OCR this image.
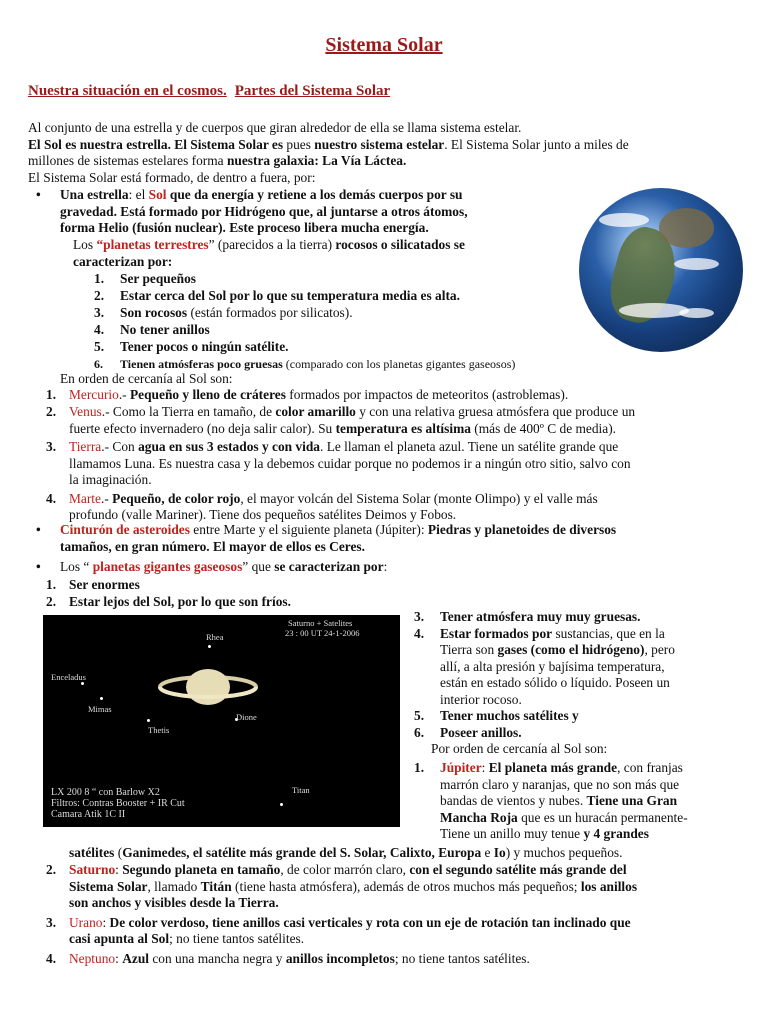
Sistema Solar
Nuestra situación en el cosmos. Partes del Sistema Solar
Al conjunto de una estrella y de cuerpos que giran alrededor de ella se llama sistema estelar.
El Sol es nuestra estrella. El Sistema Solar es pues nuestro sistema estelar. El Sistema Solar junto a miles de
millones de sistemas estelares forma nuestra galaxia: La Vía Láctea.
El Sistema Solar está formado, de dentro a fuera, por:
• Una estrella: el Sol que da energía y retiene a los demás cuerpos por su
gravedad. Está formado por Hidrógeno que, al juntarse a otros átomos,
forma Helio (fusión nuclear). Este proceso libera mucha energía.
Los “planetas terrestres” (parecidos a la tierra) rocosos o silicatados se
caracterizan por:
1. Ser pequeños
2. Estar cerca del Sol por lo que su temperatura media es alta.
3. Son rocosos (están formados por silicatos).
4. No tener anillos
5. Tener pocos o ningún satélite.
6. Tienen atmósferas poco gruesas (comparado con los planetas gigantes gaseosos)
En orden de cercanía al Sol son:
1. Mercurio.- Pequeño y lleno de cráteres formados por impactos de meteoritos (astroblemas).
2. Venus.- Como la Tierra en tamaño, de color amarillo y con una relativa gruesa atmósfera que produce un
fuerte efecto invernadero (no deja salir calor). Su temperatura es altísima (más de 400º C de media).
3. Tierra.- Con agua en sus 3 estados y con vida. Le llaman el planeta azul. Tiene un satélite grande que
llamamos Luna. Es nuestra casa y la debemos cuidar porque no podemos ir a ningún otro sitio, salvo con
la imaginación.
4. Marte.- Pequeño, de color rojo, el mayor volcán del Sistema Solar (monte Olimpo) y el valle más
profundo (valle Mariner). Tiene dos pequeños satélites Deimos y Fobos.
• Cinturón de asteroides entre Marte y el siguiente planeta (Júpiter): Piedras y planetoides de diversos
tamaños, en gran número. El mayor de ellos es Ceres.
• Los “ planetas gigantes gaseosos” que se caracterizan por:
1. Ser enormes
2. Estar lejos del Sol, por lo que son fríos.
Saturno + Satelites
23 : 00 UT 24-1-2006
Rhea
Enceladus
Mimas
Thetis
Dione
Titan
LX 200 8 “ con Barlow X2
Filtros: Contras Booster + IR Cut
Camara Atik 1C II
3. Tener atmósfera muy muy gruesas.
4. Estar formados por sustancias, que en la
Tierra son gases (como el hidrógeno), pero
allí, a alta presión y bajísima temperatura,
están en estado sólido o líquido. Poseen un
interior rocoso.
5. Tener muchos satélites y
6. Poseer anillos.
Por orden de cercanía al Sol son:
1. Júpiter: El planeta más grande, con franjas
marrón claro y naranjas, que no son más que
bandas de vientos y nubes. Tiene una Gran
Mancha Roja que es un huracán permanente-
Tiene un anillo muy tenue y 4 grandes
satélites (Ganimedes, el satélite más grande del S. Solar, Calixto, Europa e Io) y muchos pequeños.
2. Saturno: Segundo planeta en tamaño, de color marrón claro, con el segundo satélite más grande del
Sistema Solar, llamado Titán (tiene hasta atmósfera), además de otros muchos más pequeños; los anillos
son anchos y visibles desde la Tierra.
3. Urano: De color verdoso, tiene anillos casi verticales y rota con un eje de rotación tan inclinado que
casi apunta al Sol; no tiene tantos satélites.
4. Neptuno: Azul con una mancha negra y anillos incompletos; no tiene tantos satélites.
